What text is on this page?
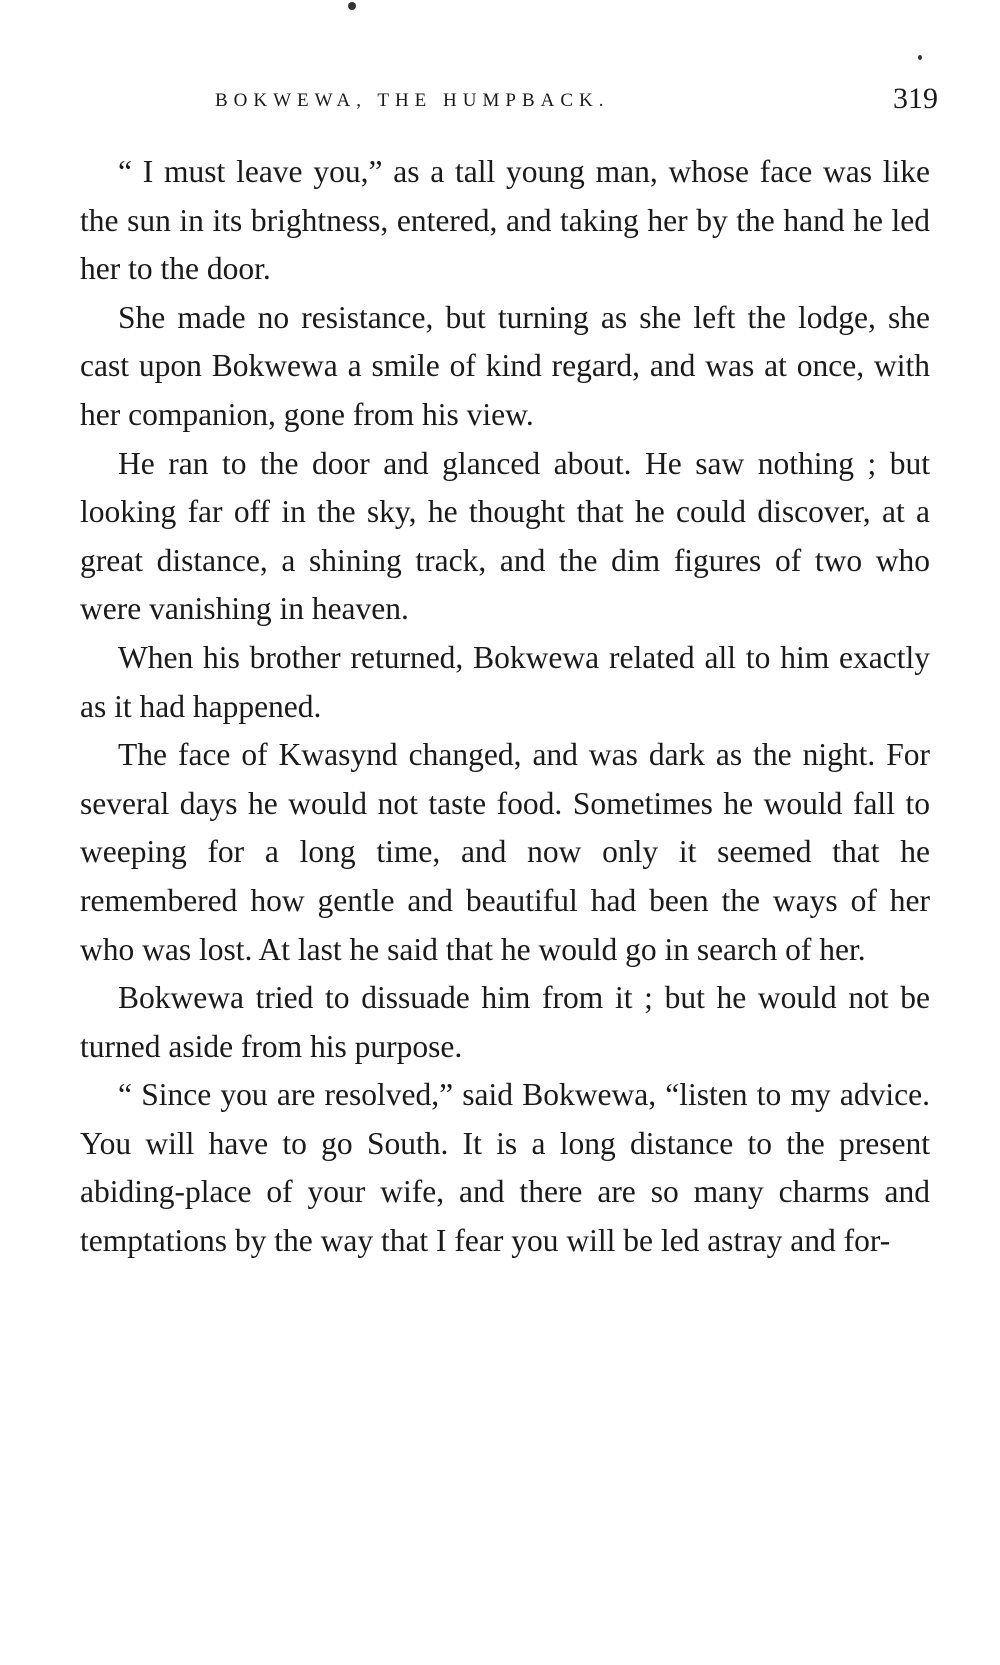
BOKWEWA, THE HUMPBACK.	319

“ I must leave you,” as a tall young man, whose face was like the sun in its brightness, entered, and taking her by the hand he led her to the door.

She made no resistance, but turning as she left the lodge, she cast upon Bokwewa a smile of kind regard, and was at once, with her companion, gone from his view.

He ran to the door and glanced about. He saw nothing ; but looking far off in the sky, he thought that he could discover, at a great distance, a shining track, and the dim figures of two who were vanishing in heaven.

When his brother returned, Bokwewa related all to him exactly as it had happened.

The face of Kwasynd changed, and was dark as the night. For several days he would not taste food. Sometimes he would fall to weeping for a long time, and now only it seemed that he remembered how gentle and beautiful had been the ways of her who was lost. At last he said that he would go in search of her.

Bokwewa tried to dissuade him from it ; but he would not be turned aside from his purpose.

“ Since you are resolved,” said Bokwewa, “listen to my advice. You will have to go South. It is a long distance to the present abiding-place of your wife, and there are so many charms and temptations by the way that I fear you will be led astray and for-
